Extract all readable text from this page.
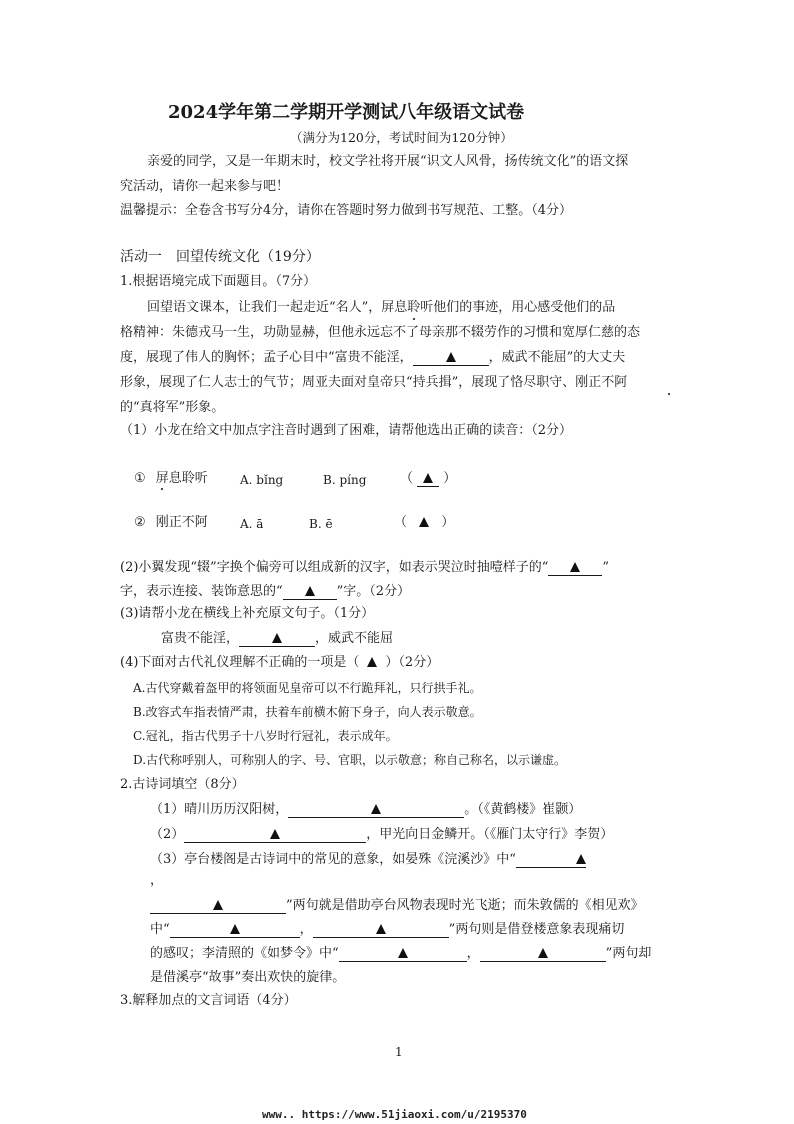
2024学年第二学期开学测试八年级语文试卷
（满分为120分，考试时间为120分钟）
亲爱的同学，又是一年期末时，校文学社将开展“识文人风骨，扬传统文化”的语文探
究活动，请你一起来参与吧！
温馨提示：全卷含书写分4分，请你在答题时努力做到书写规范、工整。（4分）
活动一　回望传统文化（19分）
1.根据语境完成下面题目。（7分）
回望语文课本，让我们一起走近“名人”，屏息聆听他们的事迹，用心感受他们的品
格精神：朱德戎马一生，功勋显赫，但他永远忘不了母亲那不辍劳作的习惯和宽厚仁慈的态
度，展现了伟人的胸怀；孟子心目中“富贵不能淫，	，威武不能屈”的大丈夫
形象，展现了仁人志士的气节；周亚夫面对皇帝只“持兵揖”，展现了恪尽职守、刚正不阿
的“真将军”形象。
（1）小龙在给文中加点字注音时遇到了困难，请帮他选出正确的读音：（2分）
① 屏息聆听	A. bǐng	B. píng	（  ）
② 刚正不阿	A. ā	B. ē	（  ）
(2)小翼发现“辍”字换个偏旁可以组成新的汉字，如表示哭泣时抽噎样子的“	”
字，表示连接、装饰意思的“	”字。（2分）
(3)请帮小龙在横线上补充原文句子。（1分）
富贵不能淫，	，威武不能屈
(4)下面对古代礼仪理解不正确的一项是（ ）（2分）
A.古代穿戴着盔甲的将领面见皇帝可以不行跪拜礼，只行拱手礼。
B.改容式车指表情严肃，扶着车前横木俯下身子，向人表示敬意。
C.冠礼，指古代男子十八岁时行冠礼，表示成年。
D.古代称呼别人，可称别人的字、号、官职，以示敬意；称自己称名，以示谦虚。
2.古诗词填空（8分）
（1）晴川历历汉阳树，	。（《黄鹤楼》崔颢）
（2）	，甲光向日金鳞开。（《雁门太守行》李贺）
（3）亭台楼阁是古诗词中的常见的意象，如晏殊《浣溪沙》中“
，
”两句就是借助亭台风物表现时光飞逝；而朱敦儒的《相见欢》
中“	，	”两句则是借登楼意象表现痛切
的感叹；李清照的《如梦令》中“	，	”两句却
是借溪亭“故事”奏出欢快的旋律。
3.解释加点的文言词语（4分）
1
www.. https://www.51jiaoxi.com/u/2195370
